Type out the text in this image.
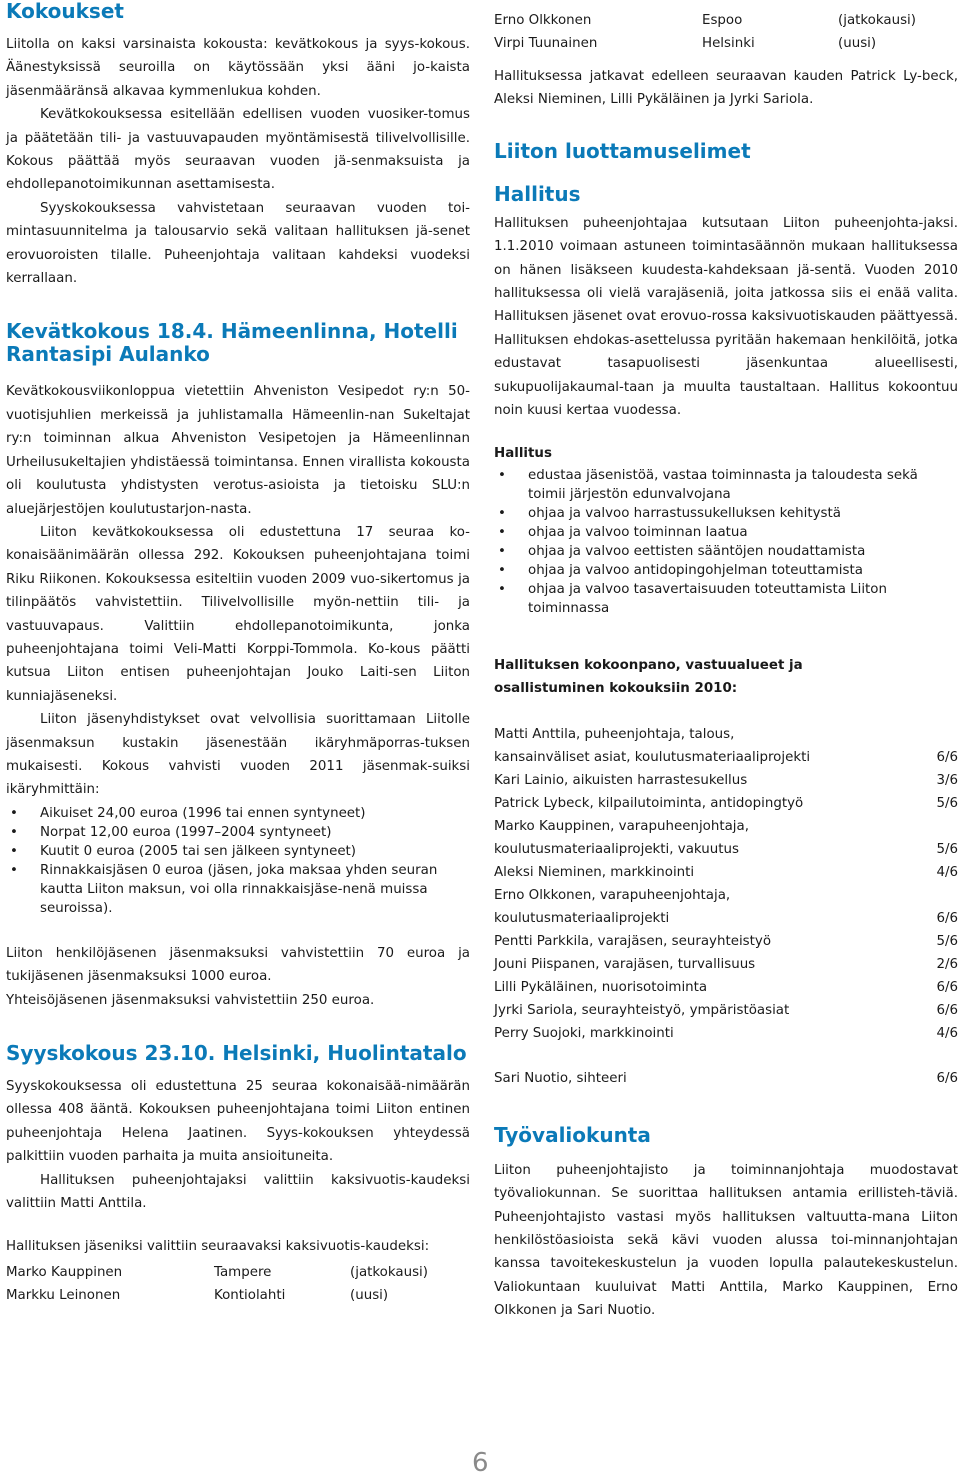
Kokoukset

Liitolla on kaksi varsinaista kokousta: kevätkokous ja syys-kokous. Äänestyksissä seuroilla on käytössään yksi ääni jo-kaista jäsenmääränsä alkavaa kymmenlukua kohden.

Kevätkokouksessa esitellään edellisen vuoden vuosiker-tomus ja päätetään tili- ja vastuuvapauden myöntämisestä tilivelvollisille. Kokous päättää myös seuraavan vuoden jä-senmaksuista ja ehdollepanotoimikunnan asettamisesta.

Syyskokouksessa vahvistetaan seuraavan vuoden toi-mintasuunnitelma ja talousarvio sekä valitaan hallituksen jä-senet erovuoroisten tilalle. Puheenjohtaja valitaan kahdeksi vuodeksi kerrallaan.

Kevätkokous 18.4. Hämeenlinna, Hotelli Rantasipi Aulanko

Kevätkokousviikonloppua vietettiin Ahveniston Vesipedot ry:n 50-vuotisjuhlien merkeissä ja juhlistamalla Hämeenlin-nan Sukeltajat ry:n toiminnan alkua Ahveniston Vesipetojen ja Hämeenlinnan Urheilusukeltajien yhdistäessä toimintansa. Ennen virallista kokousta oli koulutusta yhdistysten verotus-asioista ja tietoisku SLU:n aluejärjestöjen koulutustarjon-nasta.

Liiton kevätkokouksessa oli edustettuna 17 seuraa ko-konaisäänimäärän ollessa 292. Kokouksen puheenjohtajana toimi Riku Riikonen. Kokouksessa esiteltiin vuoden 2009 vuo-sikertomus ja tilinpäätös vahvistettiin. Tilivelvollisille myön-nettiin tili- ja vastuuvapaus. Valittiin ehdollepanotoimikunta, jonka puheenjohtajana toimi Veli-Matti Korppi-Tommola. Ko-kous päätti kutsua Liiton entisen puheenjohtajan Jouko Laiti-sen Liiton kunniajäseneksi.

Liiton jäsenyhdistykset ovat velvollisia suorittamaan Liitolle jäsenmaksun kustakin jäsenestään ikäryhmäporras-tuksen mukaisesti. Kokous vahvisti vuoden 2011 jäsenmak-suiksi ikäryhmittäin:

• Aikuiset 24,00 euroa (1996 tai ennen syntyneet)
• Norpat 12,00 euroa (1997–2004 syntyneet)
• Kuutit 0 euroa (2005 tai sen jälkeen syntyneet)
• Rinnakkaisjäsen 0 euroa (jäsen, joka maksaa yhden seuran kautta Liiton maksun, voi olla rinnakkaisjäse-nenä muissa seuroissa).

Liiton henkilöjäsenen jäsenmaksuksi vahvistettiin 70 euroa ja tukijäsenen jäsenmaksuksi 1000 euroa.

Yhteisöjäsenen jäsenmaksuksi vahvistettiin 250 euroa.

Syyskokous 23.10. Helsinki, Huolintatalo

Syyskokouksessa oli edustettuna 25 seuraa kokonaisää-nimäärän ollessa 408 ääntä. Kokouksen puheenjohtajana toimi Liiton entinen puheenjohtaja Helena Jaatinen. Syys-kokouksen yhteydessä palkittiin vuoden parhaita ja muita ansioituneita.

Hallituksen puheenjohtajaksi valittiin kaksivuotis-kaudeksi valittiin Matti Anttila.

Hallituksen jäseniksi valittiin seuraavaksi kaksivuotis-kaudeksi:

Marko Kauppinen	Tampere	(jatkokausi)
Markku Leinonen	Kontiolahti	(uusi)
Erno Olkkonen	Espoo	(jatkokausi)
Virpi Tuunainen	Helsinki	(uusi)

Hallituksessa jatkavat edelleen seuraavan kauden Patrick Ly-beck, Aleksi Nieminen, Lilli Pykäläinen ja Jyrki Sariola.

Liiton luottamuselimet
Hallitus

Hallituksen puheenjohtajaa kutsutaan Liiton puheenjohta-jaksi. 1.1.2010 voimaan astuneen toimintasäännön mukaan hallituksessa on hänen lisäkseen kuudesta-kahdeksaan jä-sentä. Vuoden 2010 hallituksessa oli vielä varajäseniä, joita jatkossa siis ei enää valita. Hallituksen jäsenet ovat erovuo-rossa kaksivuotiskauden päättyessä. Hallituksen ehdokas-asettelussa pyritään hakemaan henkilöitä, jotka edustavat tasapuolisesti jäsenkuntaa alueellisesti, sukupuolijakaumal-taan ja muulta taustaltaan. Hallitus kokoontuu noin kuusi kertaa vuodessa.

Hallitus

• edustaa jäsenistöä, vastaa toiminnasta ja taloudesta sekä toimii järjestön edunvalvojana
• ohjaa ja valvoo harrastussukelluksen kehitystä
• ohjaa ja valvoo toiminnan laatua
• ohjaa ja valvoo eettisten sääntöjen noudattamista
• ohjaa ja valvoo antidopingohjelman toteuttamista
• ohjaa ja valvoo tasavertaisuuden toteuttamista Liiton toiminnassa

Hallituksen kokoonpano, vastuualueet ja osallistuminen kokouksiin 2010:

Matti Anttila, puheenjohtaja, talous,
kansainväliset asiat, koulutusmateriaaliprojekti	6/6
Kari Lainio, aikuisten harrastesukellus	3/6
Patrick Lybeck, kilpailutoiminta, antidopingtyö	5/6
Marko Kauppinen, varapuheenjohtaja,
koulutusmateriaaliprojekti, vakuutus	5/6
Aleksi Nieminen, markkinointi	4/6
Erno Olkkonen, varapuheenjohtaja,
koulutusmateriaaliprojekti	6/6
Pentti Parkkila, varajäsen, seurayhteistyö	5/6
Jouni Piispanen, varajäsen, turvallisuus	2/6
Lilli Pykäläinen, nuorisotoiminta	6/6
Jyrki Sariola, seurayhteistyö, ympäristöasiat	6/6
Perry Suojoki, markkinointi	4/6
Sari Nuotio, sihteeri	6/6
Työvaliokunta

Liiton puheenjohtajisto ja toiminnanjohtaja muodostavat työvaliokunnan. Se suorittaa hallituksen antamia erillisteh-täviä. Puheenjohtajisto vastasi myös hallituksen valtuutta-mana Liiton henkilöstöasioista sekä kävi vuoden alussa toi-minnanjohtajan kanssa tavoitekeskustelun ja vuoden lopulla palautekeskustelun. Valiokuntaan kuuluivat Matti Anttila, Marko Kauppinen, Erno Olkkonen ja Sari Nuotio.

6
